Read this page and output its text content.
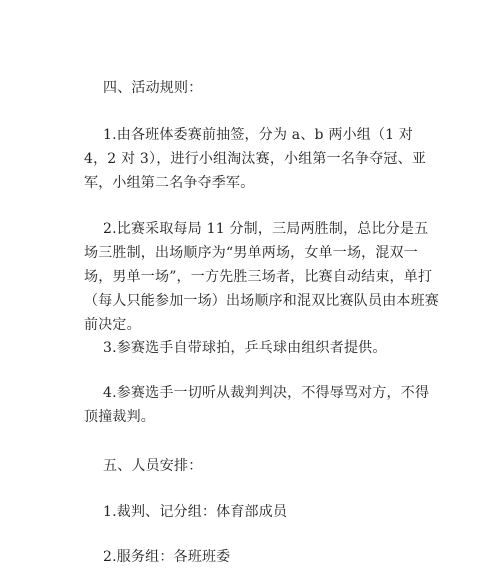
四、活动规则：
1.由各班体委赛前抽签，分为 a、b 两小组（1 对 4，2 对 3），进行小组淘汰赛，小组第一名争夺冠、亚军，小组第二名争夺季军。
2.比赛采取每局 11 分制，三局两胜制，总比分是五场三胜制，出场顺序为“男单两场，女单一场，混双一场，男单一场”，一方先胜三场者，比赛自动结束，单打（每人只能参加一场）出场顺序和混双比赛队员由本班赛前决定。
3.参赛选手自带球拍，乒乓球由组织者提供。
4.参赛选手一切听从裁判判决，不得辱骂对方，不得顶撞裁判。
五、人员安排：
1.裁判、记分组：体育部成员
2.服务组：各班班委
